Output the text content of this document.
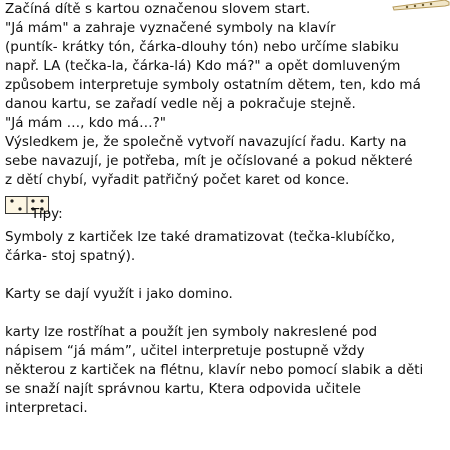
Začíná dítě s kartou označenou slovem start.

"Já mám" a zahraje vyznačené symboly na klavír

(puntík- krátky tón, čárka-dlouhy tón) nebo určíme slabiku

např. LA (tečka-la, čárka-lá) Kdo má?" a opět domluveným

způsobem interpretuje symboly ostatním dětem, ten, kdo má

danou kartu, se zařadí vedle něj a pokračuje stejně.

"Já mám …, kdo má…?"

Výsledkem je, že společně vytvoří navazující řadu. Karty na

sebe navazují, je potřeba, mít je očíslované a pokud některé

z dětí chybí, vyřadit patřičný počet karet od konce.

Tipy:

Symboly z kartiček lze také dramatizovat (tečka-klubíčko,

čárka- stoj spatný).

Karty se dají využít i jako domino.

karty lze rostříhat a použít jen symboly nakreslené pod

nápisem “já mám”, učitel interpretuje postupně vždy

některou z kartiček na flétnu, klavír nebo pomocí slabik a děti

se snaží najít správnou kartu, Ktera odpovida učitele

interpretaci.
